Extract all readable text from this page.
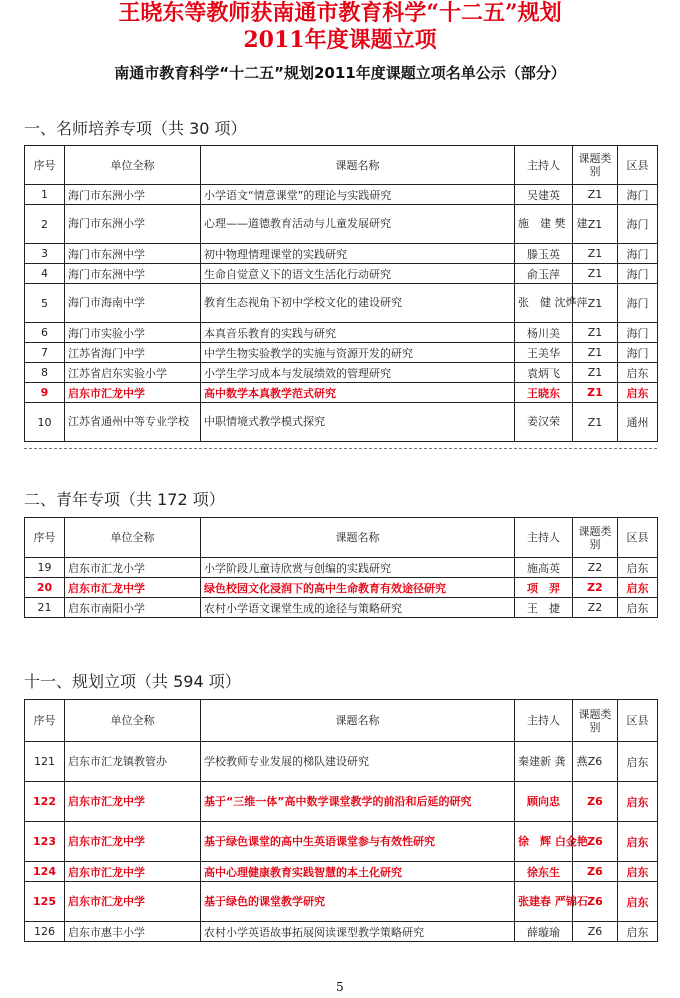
王晓东等教师获南通市教育科学“十二五”规划
2011年度课题立项
南通市教育科学“十二五”规划2011年度课题立项名单公示（部分）
一、名师培养专项（共 30 项）
序号	单位全称	课题名称	主持人	课题类别	区县
1	海门市东洲小学	小学语文“情意课堂”的理论与实践研究	吴建英	Z1	海门
2	海门市东洲小学	心理——道德教育活动与儿童发展研究	施　建 樊　建	Z1	海门
3	海门市东洲中学	初中物理情理课堂的实践研究	滕玉英	Z1	海门
4	海门市东洲中学	生命自觉意义下的语文生活化行动研究	俞玉萍	Z1	海门
5	海门市海南中学	教育生态视角下初中学校文化的建设研究	张　健 沈烨萍	Z1	海门
6	海门市实验小学	本真音乐教育的实践与研究	杨川美	Z1	海门
7	江苏省海门中学	中学生物实验教学的实施与资源开发的研究	王美华	Z1	海门
8	江苏省启东实验小学	小学生学习成本与发展绩效的管理研究	袁炳飞	Z1	启东
9	启东市汇龙中学	高中数学本真教学范式研究	王晓东	Z1	启东
10	江苏省通州中等专业学校	中职情境式教学模式探究	姜汉荣	Z1	通州
二、青年专项（共 172 项）
序号	单位全称	课题名称	主持人	课题类别	区县
19	启东市汇龙小学	小学阶段儿童诗欣赏与创编的实践研究	施高英	Z2	启东
20	启东市汇龙中学	绿色校园文化浸润下的高中生命教育有效途径研究	项　羿	Z2	启东
21	启东市南阳小学	农村小学语文课堂生成的途径与策略研究	王　捷	Z2	启东
十一、规划立项（共 594 项）
序号	单位全称	课题名称	主持人	课题类别	区县
121	启东市汇龙镇教管办	学校教师专业发展的梯队建设研究	秦建新 龚　燕	Z6	启东
122	启东市汇龙中学	基于“三维一体”高中数学课堂教学的前沿和后延的研究	顾向忠	Z6	启东
123	启东市汇龙中学	基于绿色课堂的高中生英语课堂参与有效性研究	徐　辉 白金艳	Z6	启东
124	启东市汇龙中学	高中心理健康教育实践智慧的本土化研究	徐东生	Z6	启东
125	启东市汇龙中学	基于绿色的课堂教学研究	张建春 严锦石	Z6	启东
126	启东市惠丰小学	农村小学英语故事拓展阅读课型教学策略研究	薛璇瑜	Z6	启东
5
